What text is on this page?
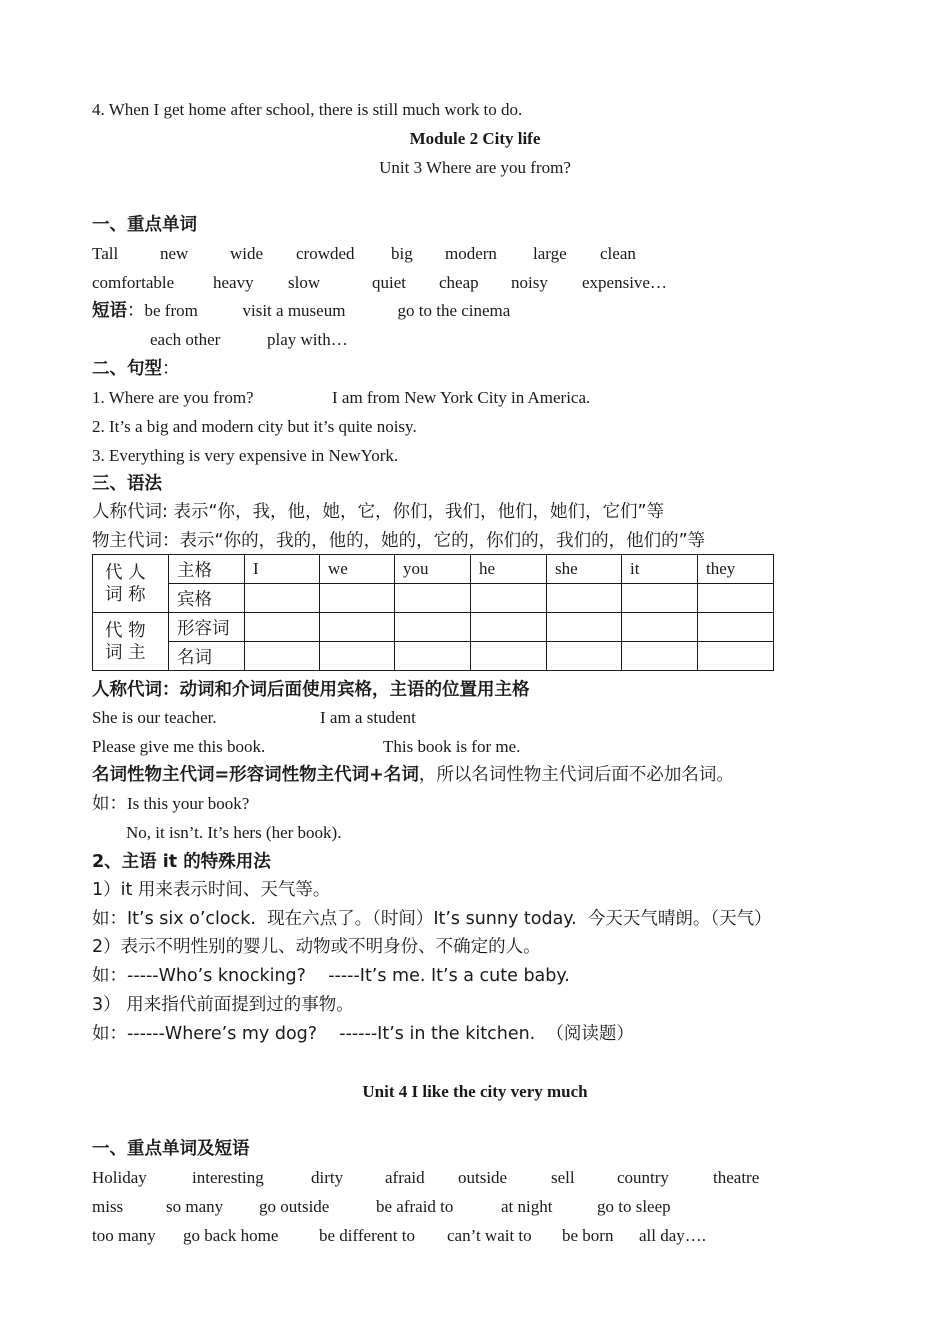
4. When I get home after school, there is still much work to do.
Module 2 City life
Unit 3 Where are you from?
一、重点单词
Tall	new	wide	crowded	big	modern	large	clean
comfortable	heavy	slow	quiet	cheap	noisy	expensive…
短语 ： be from	visit a museum	go to the cinema
each other	play with…
二、句型 ：
1. Where are you from?	I am from New York City in America.
2. It’s a big and modern city but it’s quite noisy.
3. Everything is very expensive in NewYork.
三、语法
人称代词: 表示“你，我，他，她，它，你们，我们，他们，她们，它们”等
物主代词：表示“你的，我的，他的，她的，它的，你们的，我们的，他们的”等
代 人
词 称	主格	I	we	you	he	she	it	they
	宾格							
代 物
词 主	形容词							
	名词							
人称代词：动词和介词后面使用宾格，主语的位置用主格
She is our teacher.	I am a student
Please give me this book.	This book is for me.
名词性物主代词=形容词性物主代词+名词 ，所以名词性物主代词后面不必加名词。
如： Is this your book?
No, it isn’t. It’s hers (her book).
2、主语 it 的特殊用法
1）it 用来表示时间、天气等。
如：It’s six o’clock.  现在六点了。（时间）It’s sunny today.  今天天气晴朗。（天气）
2）表示不明性别的婴儿、动物或不明身份、不确定的人。
如：-----Who’s knocking?    -----It’s me. It’s a cute baby.
3） 用来指代前面提到过的事物。
如：------Where’s my dog?    ------It’s in the kitchen.  （阅读题）
Unit 4 I like the city very much
一、重点单词及短语
Holiday	interesting	dirty	afraid	outside	sell	country	theatre
miss	so many	go outside	be afraid to	at night	go to sleep
too many	go back home	be different to	can’t wait to	be born	all day….
